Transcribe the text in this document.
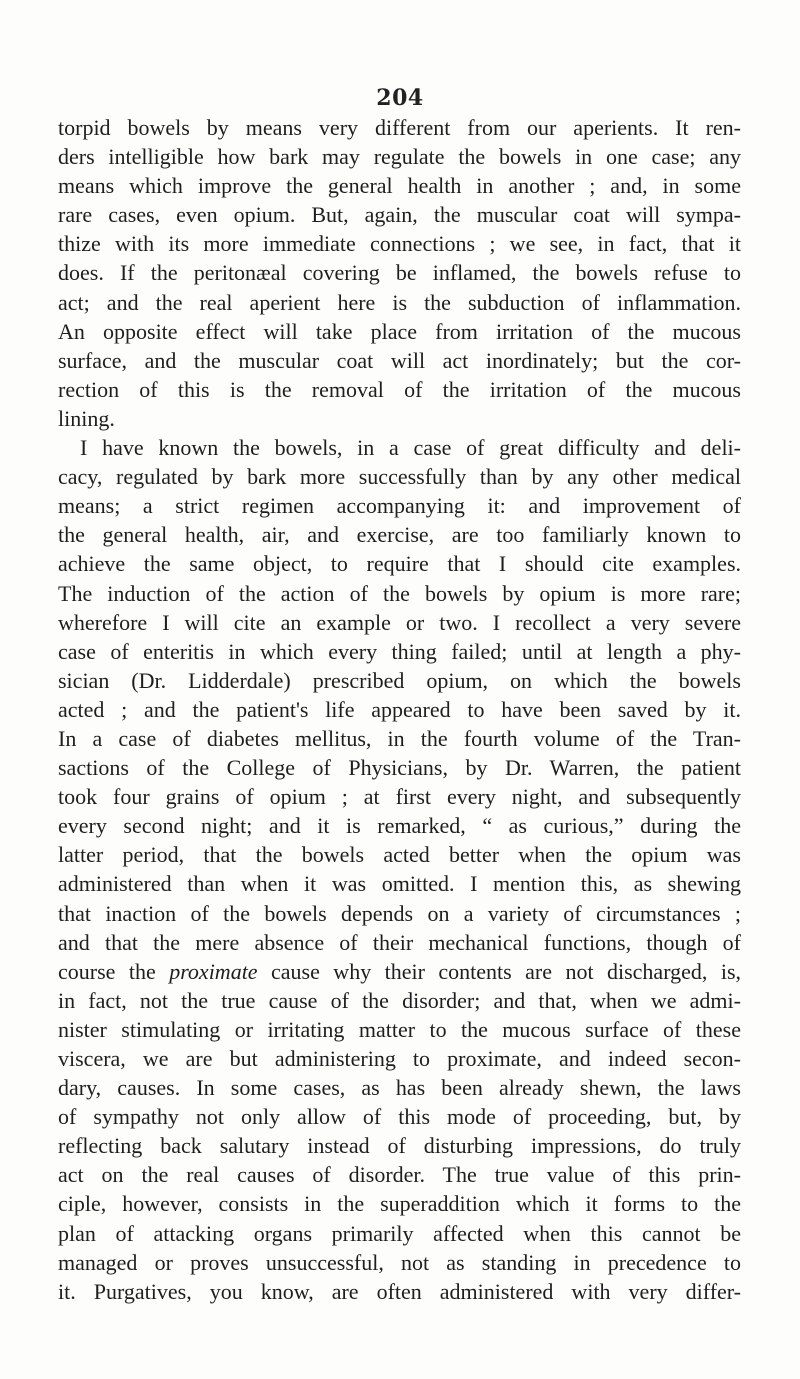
204

torpid bowels by means very different from our aperients. It ren-
ders intelligible how bark may regulate the bowels in one case; any
means which improve the general health in another ; and, in some
rare cases, even opium. But, again, the muscular coat will sympa-
thize with its more immediate connections ; we see, in fact, that it
does. If the peritonæal covering be inflamed, the bowels refuse to
act; and the real aperient here is the subduction of inflammation.
An opposite effect will take place from irritation of the mucous
surface, and the muscular coat will act inordinately; but the cor-
rection of this is the removal of the irritation of the mucous
lining.

I have known the bowels, in a case of great difficulty and deli-
cacy, regulated by bark more successfully than by any other medical
means; a strict regimen accompanying it: and improvement of
the general health, air, and exercise, are too familiarly known to
achieve the same object, to require that I should cite examples.
The induction of the action of the bowels by opium is more rare;
wherefore I will cite an example or two. I recollect a very severe
case of enteritis in which every thing failed; until at length a phy-
sician (Dr. Lidderdale) prescribed opium, on which the bowels
acted ; and the patient's life appeared to have been saved by it.
In a case of diabetes mellitus, in the fourth volume of the Tran-
sactions of the College of Physicians, by Dr. Warren, the patient
took four grains of opium ; at first every night, and subsequently
every second night; and it is remarked, “ as curious,” during the
latter period, that the bowels acted better when the opium was
administered than when it was omitted. I mention this, as shewing
that inaction of the bowels depends on a variety of circumstances ;
and that the mere absence of their mechanical functions, though of
course the proximate cause why their contents are not discharged, is,
in fact, not the true cause of the disorder; and that, when we admi-
nister stimulating or irritating matter to the mucous surface of these
viscera, we are but administering to proximate, and indeed secon-
dary, causes. In some cases, as has been already shewn, the laws
of sympathy not only allow of this mode of proceeding, but, by
reflecting back salutary instead of disturbing impressions, do truly
act on the real causes of disorder. The true value of this prin-
ciple, however, consists in the superaddition which it forms to the
plan of attacking organs primarily affected when this cannot be
managed or proves unsuccessful, not as standing in precedence to
it. Purgatives, you know, are often administered with very differ-
